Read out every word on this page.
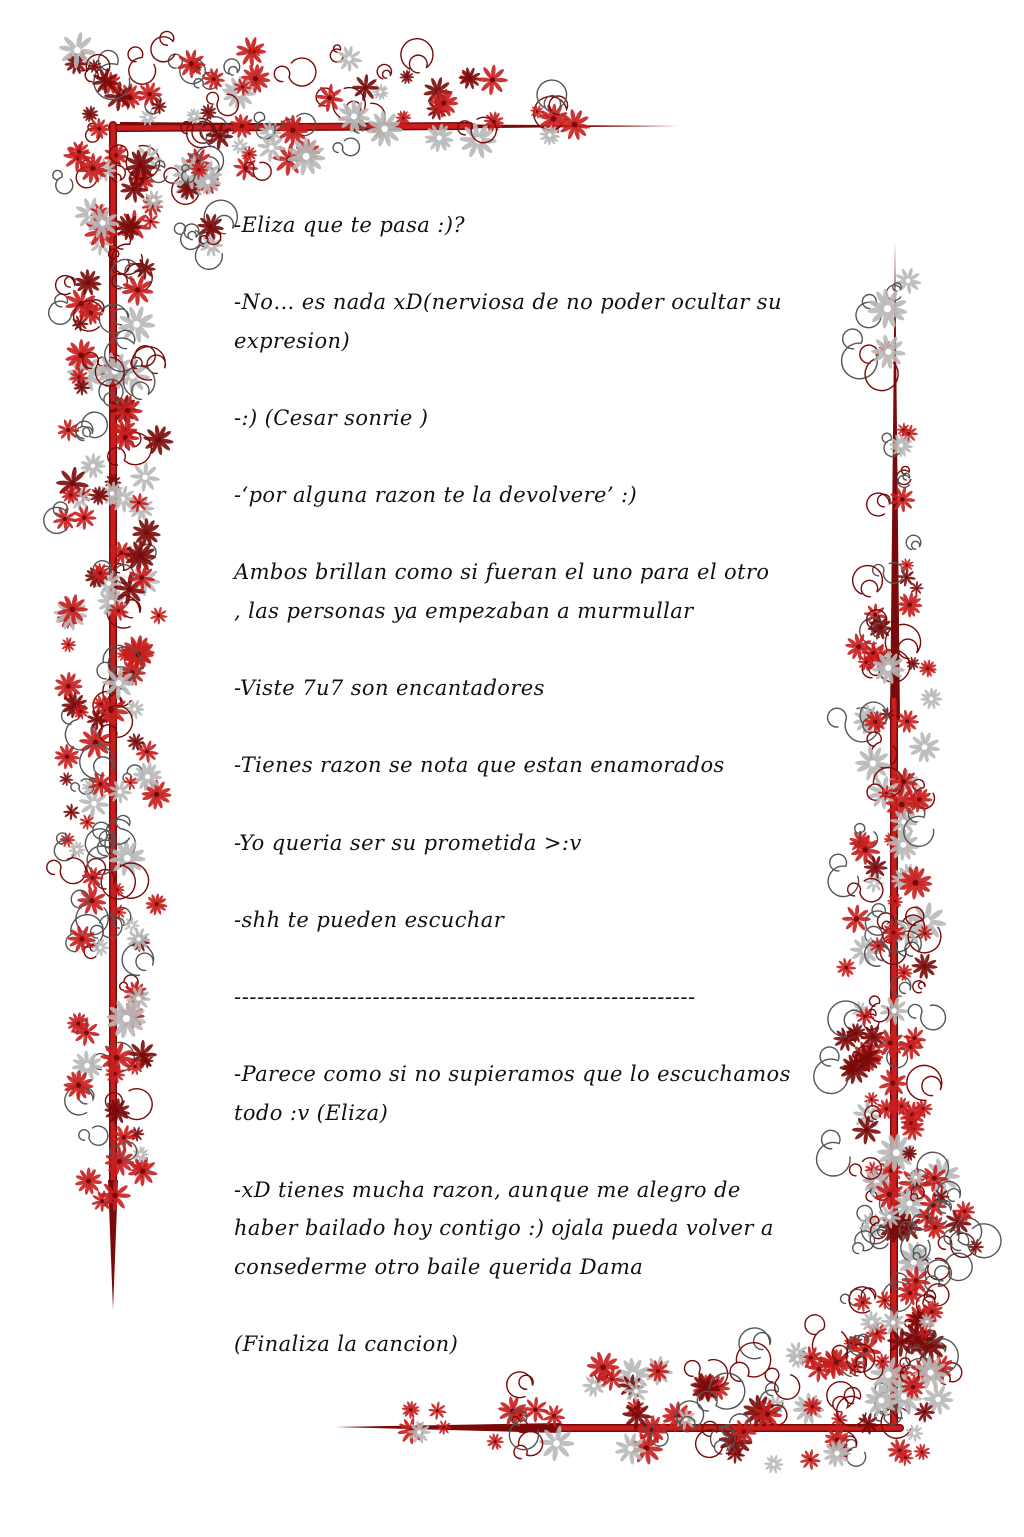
-Eliza que te pasa :)?

-No… es nada xD(nerviosa de no poder ocultar su expresion)

-:) (Cesar sonrie )

-‘por alguna razon te la devolvere’ :)

Ambos brillan como si fueran el uno para el otro , las personas ya empezaban a murmullar

-Viste 7u7 son encantadores

-Tienes razon se nota que estan enamorados

-Yo queria ser su prometida >:v

-shh te pueden escuchar

------------------------------------------------------------

-Parece como si no supieramos que lo escuchamos todo :v (Eliza)

-xD tienes mucha razon, aunque me alegro de haber bailado hoy contigo :) ojala pueda volver a consederme otro baile querida Dama

(Finaliza la cancion)
